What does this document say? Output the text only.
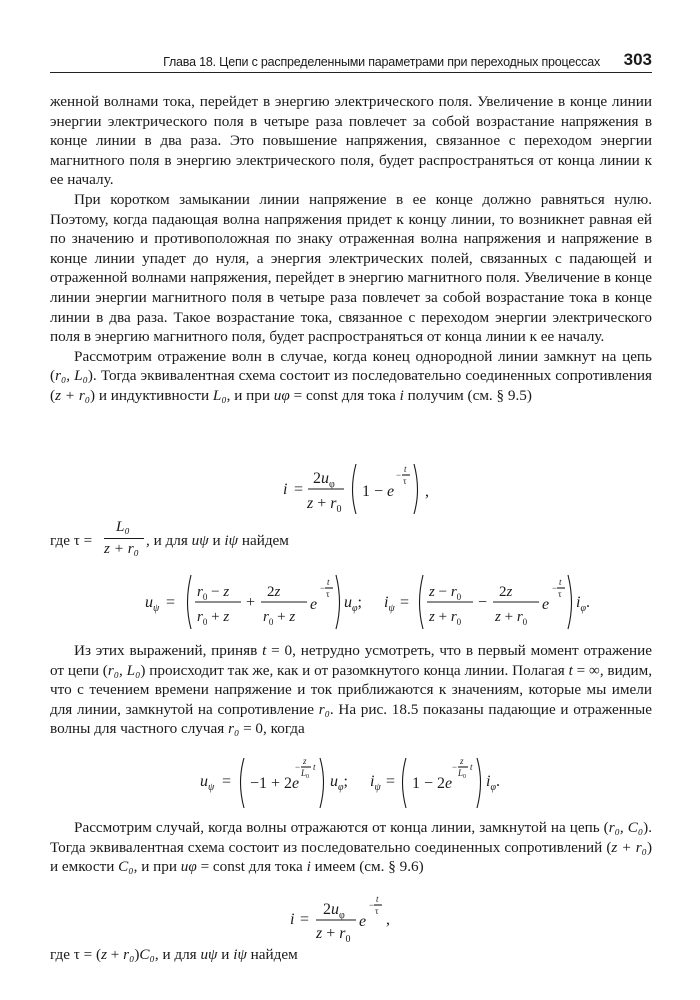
Глава 18. Цепи с распределенными параметрами при переходных процессах 303

женной волнами тока, перейдет в энергию электрического поля. Увеличение в конце линии энергии электрического поля в четыре раза повлечет за собой возрастание напряжения в конце линии в два раза. Это повышение напряжения, связанное с переходом энергии магнитного поля в энергию электрического поля, будет распространяться от конца линии к ее началу.

При коротком замыкании линии напряжение в ее конце должно равняться нулю. Поэтому, когда падающая волна напряжения придет к концу линии, то возникнет равная ей по значению и противоположная по знаку отраженная волна напряжения и напряжение в конце линии упадет до нуля, а энергия электрических полей, связанных с падающей и отраженной волнами напряжения, перейдет в энергию магнитного поля. Увеличение в конце линии энергии магнитного поля в четыре раза повлечет за собой возрастание тока в конце линии в два раза. Такое возрастание тока, связанное с переходом энергии электрического поля в энергию магнитного поля, будет распространяться от конца линии к ее началу.

Рассмотрим отражение волн в случае, когда конец однородной линии замкнут на цепь (r₀, L₀). Тогда эквивалентная схема состоит из последовательно соединенных сопротивления (z + r₀) и индуктивности L₀, и при uφ = const для тока i получим (см. § 9.5)

i =
$2u_\varphi$
$z + r_0$
1 − e
−
t
τ
,
где τ =
L₀
z + r₀ , и для uψ и iψ найдем
$u_\psi$ =
$r_0 - z$
$r_0 + z$
+
2z
$r_0 + z$
e
−
t
τ $u_\varphi$; $i_\psi$ =
$z - r_0$
$z + r_0$
−
2z
$z + r_0$
e
−
t
τ $i_\varphi$.

Из этих выражений, приняв t = 0, нетрудно усмотреть, что в первый момент отражение от цепи (r₀, L₀) происходит так же, как и от разомкнутого конца линии. Полагая t = ∞, видим, что с течением времени напряжение и ток приближаются к значениям, которые мы имели для линии, замкнутой на сопротивление r₀. На рис. 18.5 показаны падающие и отраженные волны для частного случая r₀ = 0, когда

$u_\psi = -1 + 2e$
−
z
$L_0$
t
$u_\varphi$; $i_\psi = 1 - 2e$
−
z
$L_0$
t
$i_\varphi$.

Рассмотрим случай, когда волны отражаются от конца линии, замкнутой на цепь (r₀, C₀). Тогда эквивалентная схема состоит из последовательно соединенных сопротивлений (z + r₀) и емкости C₀, и при uφ = const для тока i имеем (см. § 9.6)

i =
$2u_\varphi$
$z + r_0$
e
−
t
τ ,
где τ = (z + r₀)C₀, и для uψ и iψ найдем
